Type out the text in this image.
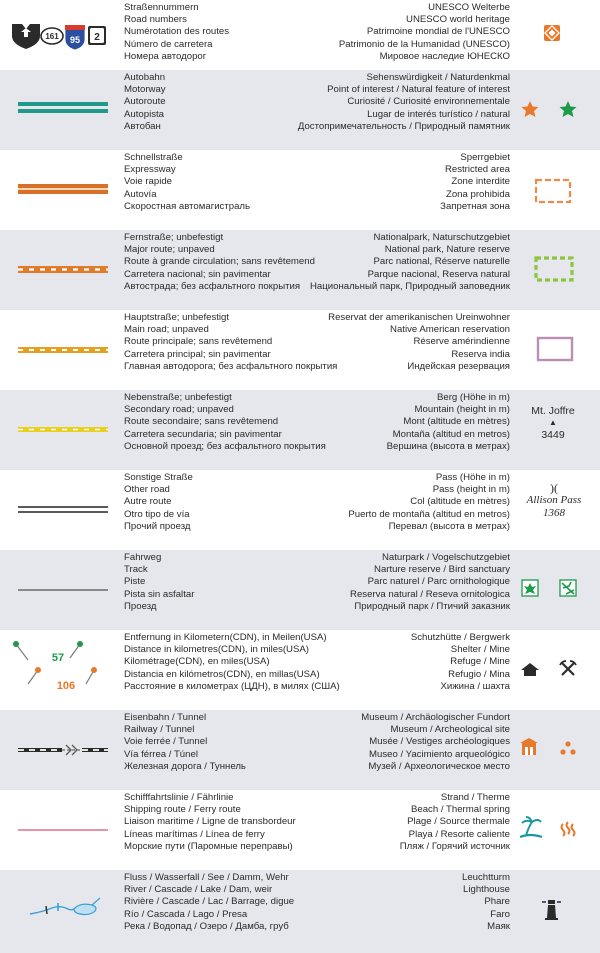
161 95 2
Straßennummern
Road numbers
Numérotation des routes
Número de carretera
Номера автодорог
UNESCO Welterbe
UNESCO world heritage
Patrimoine mondial de l'UNESCO
Patrimonio de la Humanidad (UNESCO)
Мировое наследие ЮНЕСКО
Autobahn
Motorway
Autoroute
Autopista
Автобан
Sehenswürdigkeit / Naturdenkmal
Point of interest / Natural feature of interest
Curiosité / Curiosité environnementale
Lugar de interés turístico / natural
Достопримечательность / Природный памятник
Schnellstraße
Expressway
Voie rapide
Autovía
Скоростная автомагистраль
Sperrgebiet
Restricted area
Zone interdite
Zona prohibida
Запретная зона
Fernstraße; unbefestigt
Major route; unpaved
Route à grande circulation; sans revêtemend
Carretera nacional; sin pavimentar
Автострада; без асфальтного покрытия
Nationalpark, Naturschutzgebiet
National park, Nature reserve
Parc national, Réserve naturelle
Parque nacional, Reserva natural
Национальный парк, Природный заповедник
Hauptstraße; unbefestigt
Main road; unpaved
Route principale; sans revêtemend
Carretera principal; sin pavimentar
Главная автодорога; без асфальтного покрытия
Reservat der amerikanischen Ureinwohner
Native American reservation
Réserve amérindienne
Reserva india
Индейская резервация
Nebenstraße; unbefestigt
Secondary road; unpaved
Route secondaire; sans revêtemend
Carretera secundaria; sin pavimentar
Основной проезд; без асфальтного покрытия
Berg (Höhe in m)
Mountain (height in m)
Mont (altitude en mètres)
Montaña (altitud en metros)
Вершина (высота в метрах)
Mt. Joffre
▲
3449
Sonstige Straße
Other road
Autre route
Otro tipo de vía
Прочий проезд
Pass (Höhe in m)
Pass (height in m)
Col (altitude en mètres)
Puerto de montaña (altitud en metros)
Перевал (высота в метрах)
)(
Allison Pass
1368
Fahrweg
Track
Piste
Pista sin asfaltar
Проезд
Naturpark / Vogelschutzgebiet
Narture reserve / Bird sanctuary
Parc naturel / Parc ornithologique
Reserva natural / Reseva ornitologica
Природный парк / Птичий заказник
57
106
Entfernung in Kilometern(CDN), in Meilen(USA)
Distance in kilometres(CDN), in miles(USA)
Kilométrage(CDN), en miles(USA)
Distancia en kilómetros(CDN), en millas(USA)
Расстояние в километрах (ЦДН), в милях (США)
Schutzhütte / Bergwerk
Shelter / Mine
Refuge / Mine
Refugio / Mina
Хижина / шахта
Eisenbahn / Tunnel
Railway / Tunnel
Voie ferrée / Tunnel
Vía férrea / Túnel
Железная дорога / Туннель
Museum / Archäologischer Fundort
Museum / Archeological site
Musée / Vestiges archéologiques
Museo / Yacimiento arqueológico
Музей / Археологическое место
Schifffahrtslinie / Fährlinie
Shipping route / Ferry route
Liaison maritime / Ligne de transbordeur
Líneas marítimas / Línea de ferry
Морские пути (Паромные переправы)
Strand / Therme
Beach / Thermal spring
Plage / Source thermale
Playa / Resorte caliente
Пляж / Горячий источник
Fluss / Wasserfall / See / Damm, Wehr
River / Cascade / Lake / Dam, weir
Rivière / Cascade / Lac / Barrage, digue
Río / Cascada / Lago / Presa
Река / Водопад / Озеро / Дамба, груб
Leuchtturm
Lighthouse
Phare
Faro
Маяк
